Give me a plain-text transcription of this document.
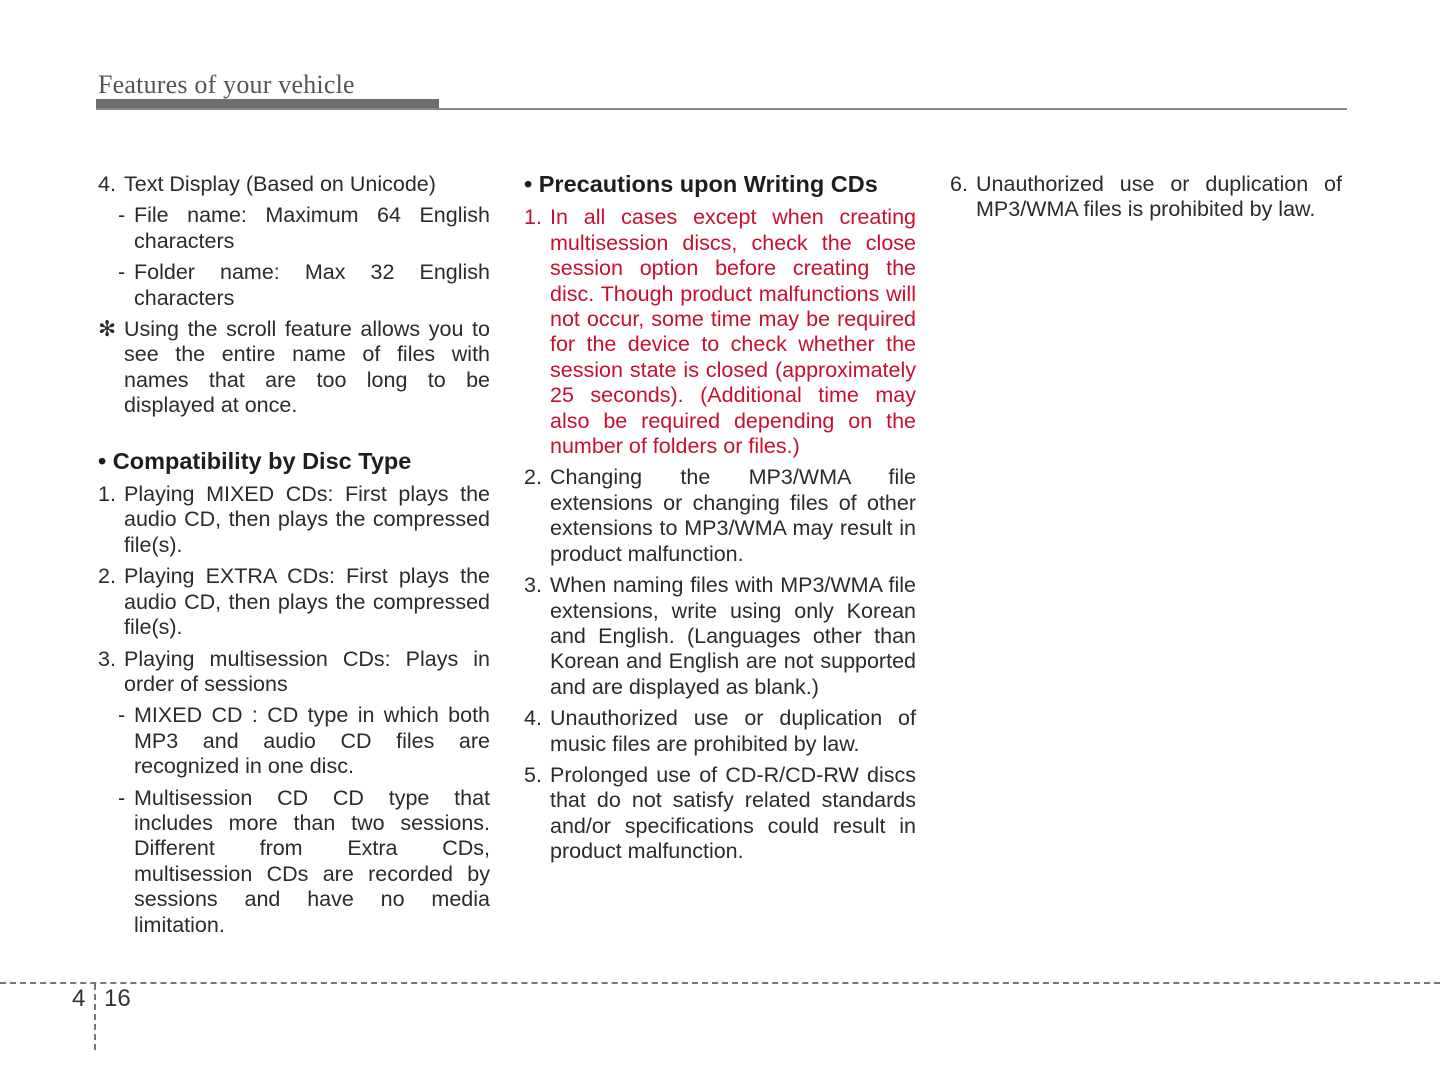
Features of your vehicle
4. Text Display (Based on Unicode)
- File name: Maximum 64 English characters
- Folder name: Max 32 English characters
✻ Using the scroll feature allows you to see the entire name of files with names that are too long to be displayed at once.
• Compatibility by Disc Type
1. Playing MIXED CDs: First plays the audio CD, then plays the compressed file(s).
2. Playing EXTRA CDs: First plays the audio CD, then plays the compressed file(s).
3. Playing multisession CDs: Plays in order of sessions
- MIXED CD : CD type in which both MP3 and audio CD files are recognized in one disc.
- Multisession CD CD type that includes more than two sessions. Different from Extra CDs, multisession CDs are recorded by sessions and have no media limitation.
• Precautions upon Writing CDs
1. In all cases except when creating multisession discs, check the close session option before creating the disc. Though product malfunctions will not occur, some time may be required for the device to check whether the session state is closed (approximately 25 seconds). (Additional time may also be required depending on the number of folders or files.)
2. Changing the MP3/WMA file extensions or changing files of other extensions to MP3/WMA may result in product malfunction.
3. When naming files with MP3/WMA file extensions, write using only Korean and English. (Languages other than Korean and English are not supported and are displayed as blank.)
4. Unauthorized use or duplication of music files are prohibited by law.
5. Prolonged use of CD-R/CD-RW discs that do not satisfy related standards and/or specifications could result in product malfunction.
6. Unauthorized use or duplication of MP3/WMA files is prohibited by law.
4 16
